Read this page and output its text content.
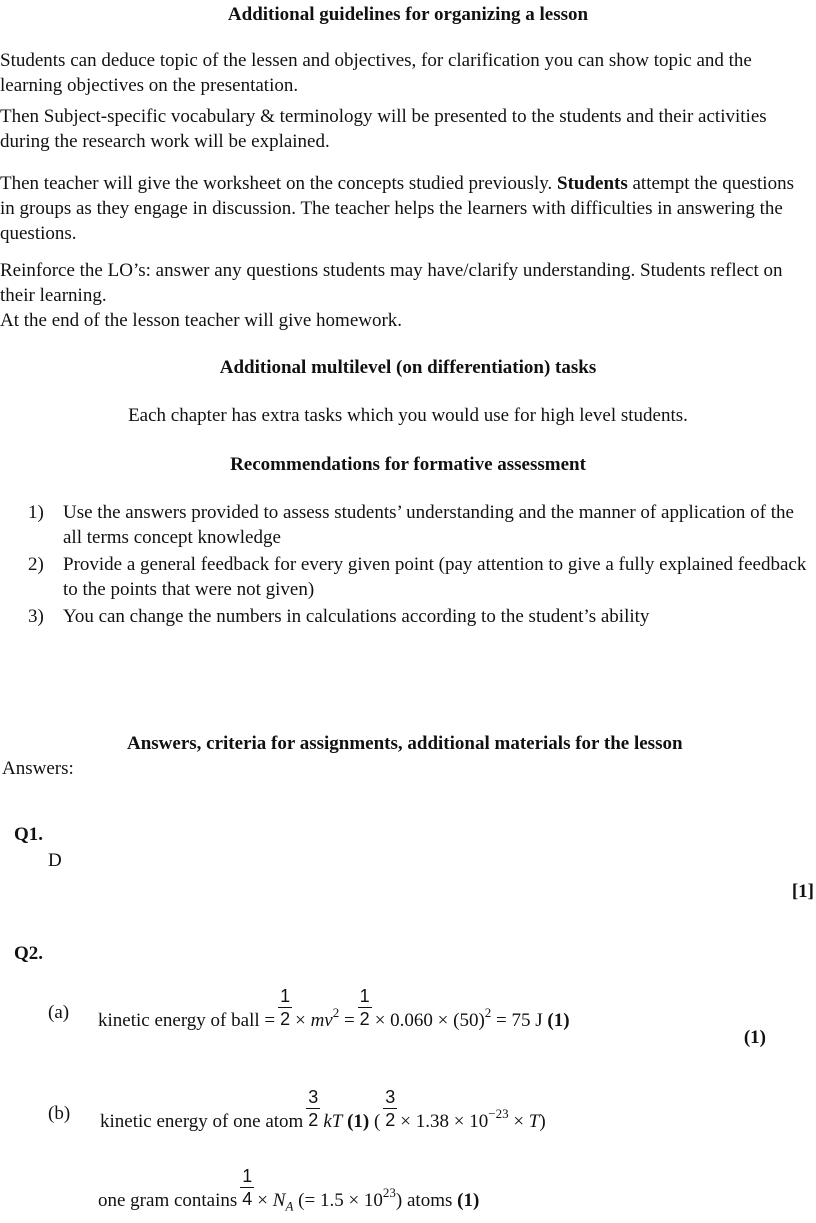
Additional guidelines for organizing a lesson

Students can deduce topic of the lessen and objectives, for clarification you can show topic and the learning objectives on the presentation.

Then Subject-specific vocabulary & terminology will be presented to the students and their activities during the research work will be explained.

Then teacher will give the worksheet on the concepts studied previously. Students attempt the questions in groups as they engage in discussion. The teacher helps the learners with difficulties in answering the questions.

Reinforce the LO’s: answer any questions students may have/clarify understanding. Students reflect on their learning.

At the end of the lesson teacher will give homework.

Additional multilevel (on differentiation) tasks
Each chapter has extra tasks which you would use for high level students.
Recommendations for formative assessment
1)	Use the answers provided to assess students’ understanding and the manner of application of the all terms concept knowledge
2)	Provide a general feedback for every given point (pay attention to give a fully explained feedback to the points that were not given)
3)	You can change the numbers in calculations according to the student’s ability
Answers, criteria for assignments, additional materials for the lesson
Answers:
Q1.
D
[1]
Q2.
(a) kinetic energy of ball = $\frac{1}{2} \times mv^2 = \frac{1}{2} \times 0.060 \times (50)^2 = 75$ J (1)
(1)
(b) kinetic energy of one atom $\frac{3}{2}$ kT (1) ( $\frac{3}{2} \times 1.38 \times 10^{-23} \times T$)
one gram contains $\frac{1}{4} \times N_A$ (= $1.5 \times 10^{23}$) atoms (1)
